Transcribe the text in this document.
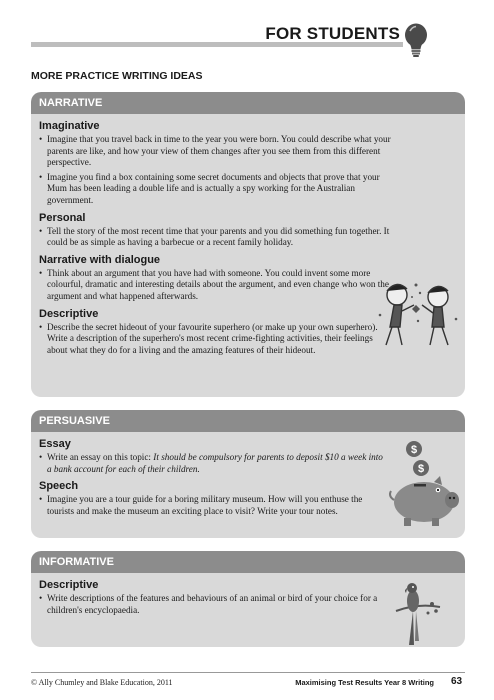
FOR STUDENTS
MORE PRACTICE WRITING IDEAS
NARRATIVE
Imaginative
• Imagine that you travel back in time to the year you were born. You could describe what your parents are like, and how your view of them changes after you see them from this different perspective.
• Imagine you find a box containing some secret documents and objects that prove that your Mum has been leading a double life and is actually a spy working for the Australian government.
Personal
• Tell the story of the most recent time that your parents and you did something fun together. It could be as simple as having a barbecue or a recent family holiday.
Narrative with dialogue
• Think about an argument that you have had with someone. You could invent some more colourful, dramatic and interesting details about the argument, and even change who won the argument and what happened afterwards.
Descriptive
• Describe the secret hideout of your favourite superhero (or make up your own superhero). Write a description of the superhero's most recent crime-fighting activities, their feelings about what they do for a living and the amazing features of their hideout.
PERSUASIVE
Essay
• Write an essay on this topic: It should be compulsory for parents to deposit $10 a week into a bank account for each of their children.
Speech
• Imagine you are a tour guide for a boring military museum. How will you enthuse the tourists and make the museum an exciting place to visit? Write your tour notes.
$
$
INFORMATIVE
Descriptive
• Write descriptions of the features and behaviours of an animal or bird of your choice for a children's encyclopaedia.
© Ally Chumley and Blake Education, 2011	Maximising Test Results Year 8 Writing 63
